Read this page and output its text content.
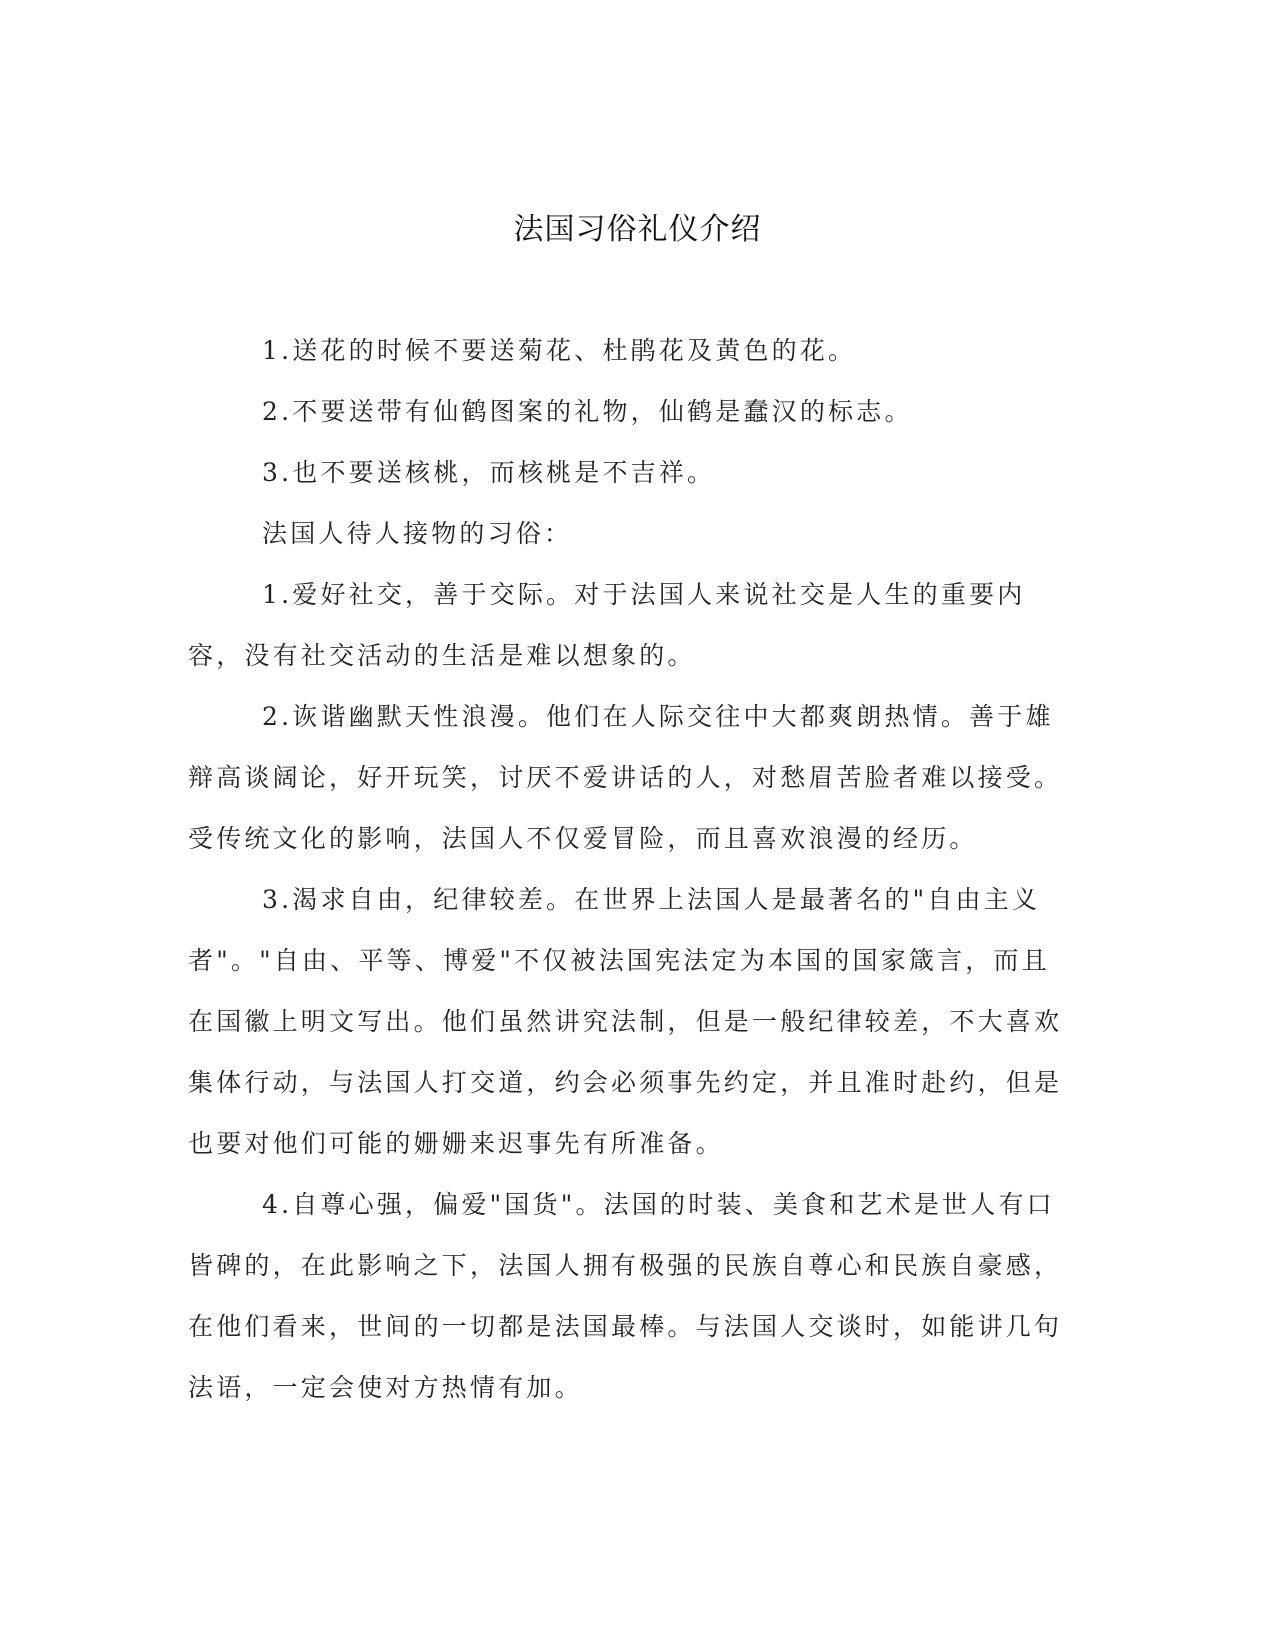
法国习俗礼仪介绍

1.送花的时候不要送菊花、杜鹃花及黄色的花。

2.不要送带有仙鹤图案的礼物，仙鹤是蠢汉的标志。

3.也不要送核桃，而核桃是不吉祥。

法国人待人接物的习俗：

1.爱好社交，善于交际。对于法国人来说社交是人生的重要内容，没有社交活动的生活是难以想象的。

2.诙谐幽默天性浪漫。他们在人际交往中大都爽朗热情。善于雄辩高谈阔论，好开玩笑，讨厌不爱讲话的人，对愁眉苦脸者难以接受。受传统文化的影响，法国人不仅爱冒险，而且喜欢浪漫的经历。

3.渴求自由，纪律较差。在世界上法国人是最著名的"自由主义者"。"自由、平等、博爱"不仅被法国宪法定为本国的国家箴言，而且在国徽上明文写出。他们虽然讲究法制，但是一般纪律较差，不大喜欢集体行动，与法国人打交道，约会必须事先约定，并且准时赴约，但是也要对他们可能的姗姗来迟事先有所准备。

4.自尊心强，偏爱"国货"。法国的时装、美食和艺术是世人有口皆碑的，在此影响之下，法国人拥有极强的民族自尊心和民族自豪感，在他们看来，世间的一切都是法国最棒。与法国人交谈时，如能讲几句法语，一定会使对方热情有加。
